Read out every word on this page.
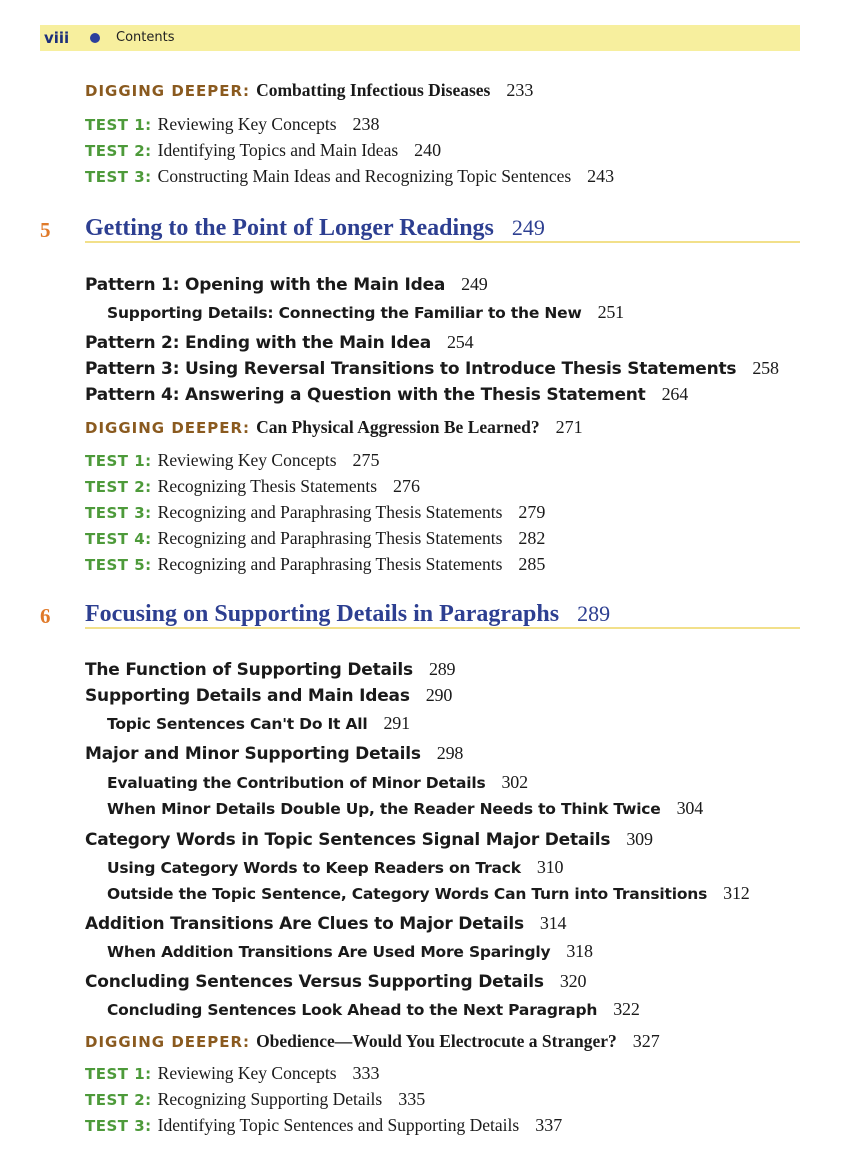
viii	Contents
DIGGING DEEPER: Combatting Infectious Diseases 233
TEST 1: Reviewing Key Concepts 238
TEST 2: Identifying Topics and Main Ideas 240
TEST 3: Constructing Main Ideas and Recognizing Topic Sentences 243
5 Getting to the Point of Longer Readings 249
Pattern 1: Opening with the Main Idea 249
Supporting Details: Connecting the Familiar to the New 251
Pattern 2: Ending with the Main Idea 254
Pattern 3: Using Reversal Transitions to Introduce Thesis Statements 258
Pattern 4: Answering a Question with the Thesis Statement 264
DIGGING DEEPER: Can Physical Aggression Be Learned? 271
TEST 1: Reviewing Key Concepts 275
TEST 2: Recognizing Thesis Statements 276
TEST 3: Recognizing and Paraphrasing Thesis Statements 279
TEST 4: Recognizing and Paraphrasing Thesis Statements 282
TEST 5: Recognizing and Paraphrasing Thesis Statements 285
6 Focusing on Supporting Details in Paragraphs 289
The Function of Supporting Details 289
Supporting Details and Main Ideas 290
Topic Sentences Can't Do It All 291
Major and Minor Supporting Details 298
Evaluating the Contribution of Minor Details 302
When Minor Details Double Up, the Reader Needs to Think Twice 304
Category Words in Topic Sentences Signal Major Details 309
Using Category Words to Keep Readers on Track 310
Outside the Topic Sentence, Category Words Can Turn into Transitions 312
Addition Transitions Are Clues to Major Details 314
When Addition Transitions Are Used More Sparingly 318
Concluding Sentences Versus Supporting Details 320
Concluding Sentences Look Ahead to the Next Paragraph 322
DIGGING DEEPER: Obedience—Would You Electrocute a Stranger? 327
TEST 1: Reviewing Key Concepts 333
TEST 2: Recognizing Supporting Details 335
TEST 3: Identifying Topic Sentences and Supporting Details 337
